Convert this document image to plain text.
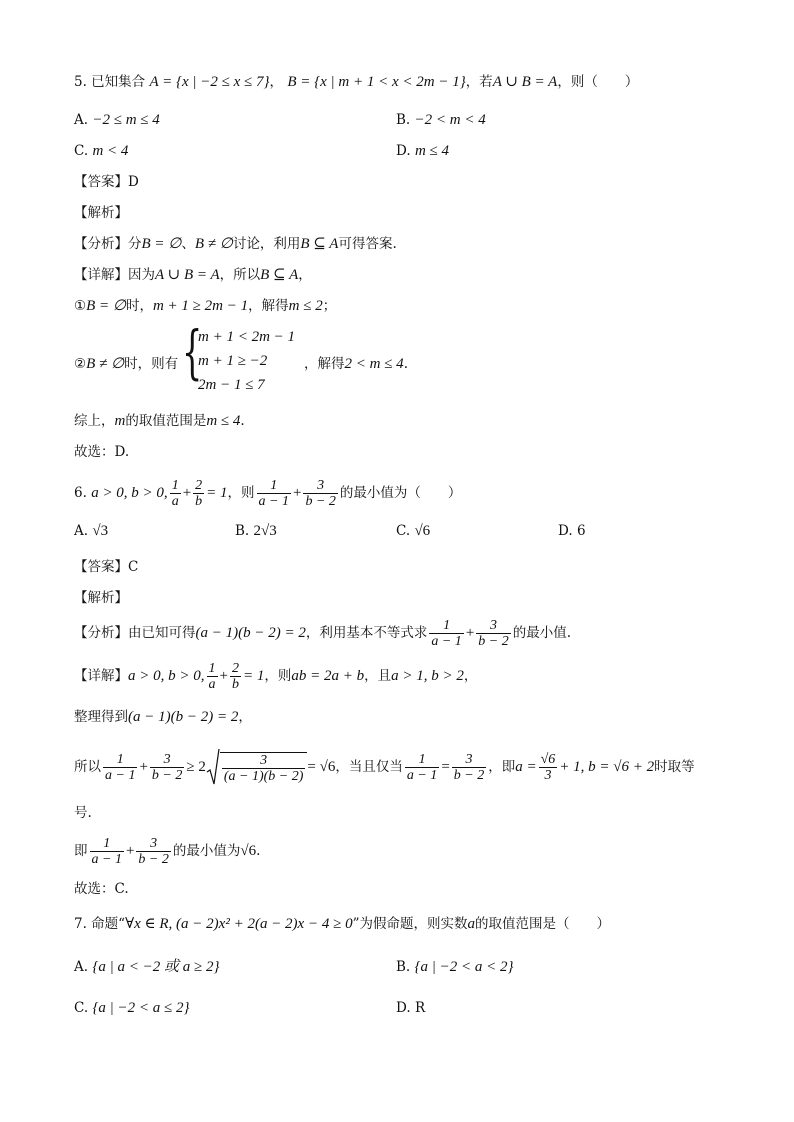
5. 已知集合 A = {x | −2 ≤ x ≤ 7}， B = {x | m + 1 < x < 2m − 1}，若A ∪ B = A，则（　　）
A. −2 ≤ m ≤ 4	B. −2 < m < 4
C. m < 4	D. m ≤ 4
【答案】D
【解析】
【分析】分B = ∅、B ≠ ∅讨论，利用B ⊆ A可得答案.
【详解】因为A ∪ B = A，所以B ⊆ A，
①B = ∅时，m + 1 ≥ 2m − 1，解得m ≤ 2；
②B ≠ ∅时，则有 {
m + 1 < 2m − 1
m + 1 ≥ −2
2m − 1 ≤ 7
，解得2 < m ≤ 4.
综上，m的取值范围是m ≤ 4.
故选：D.
6. a > 0, b > 0, $\frac{1}{a} + \frac{2}{b} = 1$，则 $\frac{1}{a - 1} + \frac{3}{b - 2}$ 的最小值为（　　）
A. √3	B. 2√3	C. √6	D. 6
【答案】C
【解析】
【分析】由已知可得(a − 1)(b − 2) = 2，利用基本不等式求 $\frac{1}{a - 1} + \frac{3}{b - 2}$ 的最小值.
【详解】a > 0, b > 0, $\frac{1}{a} + \frac{2}{b} = 1$，则ab = 2a + b，且a > 1, b > 2，
整理得到(a − 1)(b − 2) = 2，
所以 $\frac{1}{a - 1} + \frac{3}{b - 2} \ge 2 \frac{3}{(a - 1)(b - 2)} = √6$，当且仅当 $\frac{1}{a - 1} = \frac{3}{b - 2}$ ，即$a = \frac{√6}{3} + 1$, b = √6 + 2时取等
号.
即 $\frac{1}{a - 1} + \frac{3}{b - 2}$ 的最小值为√6.
故选：C.
7. 命题“∀x ∈ R, (a − 2)x² + 2(a − 2)x − 4 ≥ 0”为假命题，则实数a的取值范围是（　　）
A. {a | a < −2 或 a ≥ 2}	B. {a | −2 < a < 2}
C. {a | −2 < a ≤ 2}	D. R
